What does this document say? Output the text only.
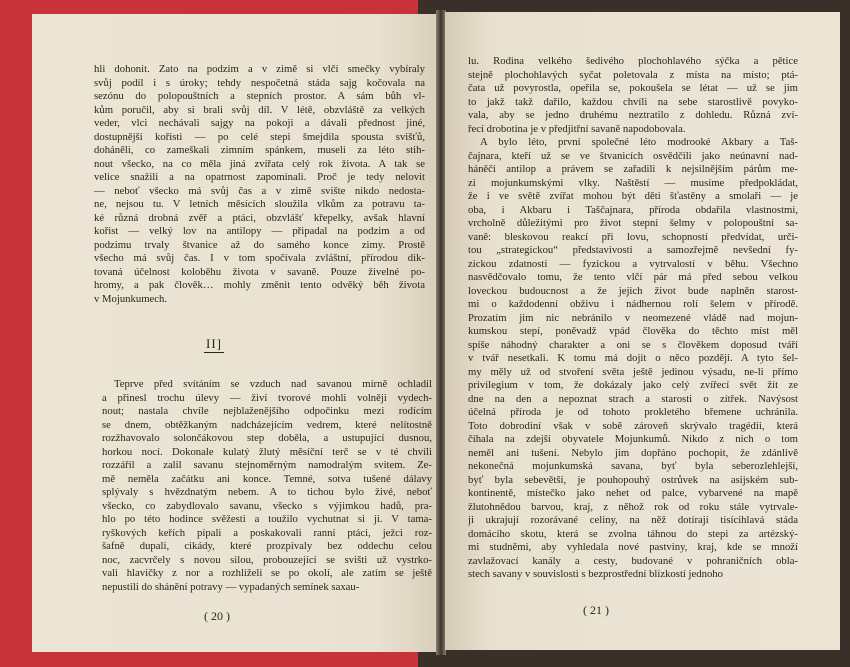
hli dohonit. Zato na podzim a v zimě si vlčí smečky vybíraly
svůj podíl i s úroky; tehdy nespočetná stáda sajg kočovala na
sezónu do polopouštních a stepních prostor. A sám bůh vl-
kům poručil, aby si brali svůj díl. V létě, obzvláště za velkých
veder, vlci nechávali sajgy na pokoji a dávali přednost jiné,
dostupnější kořisti — po celé stepi šmejdila spousta svišťů,
doháněli, co zameškali zimním spánkem, museli za léto stih-
nout všecko, na co měla jiná zvířata celý rok života. A tak se
velice snažili a na opatrnost zapomínali. Proč je tedy nelovit
— neboť všecko má svůj čas a v zimě svište nikdo nedosta-
ne, nejsou tu. V letních měsících sloužila vlkům za potravu ta-
ké různá drobná zvěř a ptáci, obzvlášť křepelky, avšak hlavní
kořist — velký lov na antilopy — připadal na podzim a od
podzimu trvaly štvanice až do samého konce zimy. Prostě
všecho má svůj čas. I v tom spočívala zvláštní, přírodou dik-
tovaná účelnost koloběhu života v savaně. Pouze živelné po-
hromy, a pak člověk… mohly změnit tento odvěký běh života
v Mojunkumech.
II]
Teprve před svítáním se vzduch nad savanou mírně ochladil
a přinesl trochu úlevy — živí tvorové mohli volněji vydech-
nout; nastala chvíle nejblaženějšího odpočinku mezi rodícím
se dnem, obtěžkaným nadcházejícím vedrem, které nelítostně
rozžhavovalo solončákovou step doběla, a ustupující dusnou,
horkou nocí. Dokonale kulatý žlutý měsíční terč se v té chvíli
rozzářil a zalil savanu stejnoměrným namodralým svitem. Ze-
mě neměla začátku ani konce. Temné, sotva tušené dálavy
splývaly s hvězdnatým nebem. A to tichou bylo živé, neboť
všecko, co zabydlovalo savanu, všecko s výjimkou hadů, pra-
hlo po této hodince svěžesti a toužilo vychutnat si ji. V tama-
ryškových keřích pípali a poskakovali ranní ptáci, ježci roz-
šafně dupali, cikády, které prozpívaly bez oddechu celou
noc, zacvrčely s novou silou, probouzející se svišti už vystrko-
vali hlavičky z nor a rozhlíželi se po okolí, ale zatím se ještě
nepustili do shánění potravy — vypadaných semínek saxau-
( 20 )
lu. Rodina velkého šedivého plochohlavého sýčka a pětice
stejně plochohlavých syčat poletovala z místa na místo; ptá-
čata už povyrostla, opeřila se, pokoušela se létat — už se jim
to jakž takž dařilo, každou chvíli na sebe starostlivě povyko-
vala, aby se jedno druhému neztratilo z dohledu. Různá zví-
řecí drobotina je v předjitřní savaně napodobovala.
A bylo léto, první společné léto modrooké Akbary a Taš-
čajnara, kteří už se ve štvanicích osvědčili jako neúnavní nad-
háněči antilop a právem se zařadili k nejsilnějším párům me-
zi mojunkumskými vlky. Naštěstí — musíme předpokládat,
že i ve světě zvířat mohou být děti šťastěny a smolaři — je
oba, i Akbaru i Taščajnara, příroda obdařila vlastnostmi,
vrcholně důležitými pro život stepní šelmy v polopouštní sa-
vaně: bleskovou reakcí při lovu, schopností předvídat, urči-
tou „strategickou“ představivostí a samozřejmě nevšední fy-
zickou zdatností — fyzickou a vytrvalostí v běhu. Všechno
nasvědčovalo tomu, že tento vlčí pár má před sebou velkou
loveckou budoucnost a že jejich život bude naplněn starost-
mi o každodenní obživu i nádhernou rolí šelem v přírodě.
Prozatím jim nic nebránilo v neomezené vládě nad mojun-
kumskou stepí, poněvadž vpád člověka do těchto míst měl
spíše náhodný charakter a oni se s člověkem doposud tváří
v tvář nesetkali. K tomu má dojít o něco později. A tyto šel-
my měly už od stvoření světa ještě jedinou výsadu, ne-li přímo
privilegium v tom, že dokázaly jako celý zvířecí svět žít ze
dne na den a nepoznat strach a starosti o zítřek. Navýsost
účelná příroda je od tohoto prokletého břemene uchránila.
Toto dobrodiní však v sobě zároveň skrývalo tragédii, která
číhala na zdejší obyvatele Mojunkumů. Nikdo z nich o tom
neměl ani tušení. Nebylo jim dopřáno pochopit, že zdánlivě
nekonečná mojunkumská savana, byť byla seberozlehlejší,
byť byla sebevětší, je pouhopouhý ostrůvek na asijském sub-
kontinentě, místečko jako nehet od palce, vybarvené na mapě
žlutohnědou barvou, kraj, z něhož rok od roku stále vytrvale-
ji ukrajují rozorávané celiny, na něž dotírají tisícihlavá stáda
domácího skotu, která se zvolna táhnou do stepi za artézský-
mi studněmi, aby vyhledala nové pastviny, kraj, kde se množí
zavlažovací kanály a cesty, budované v pohraničních obla-
stech savany v souvislosti s bezprostřední blízkostí jednoho
( 21 )
